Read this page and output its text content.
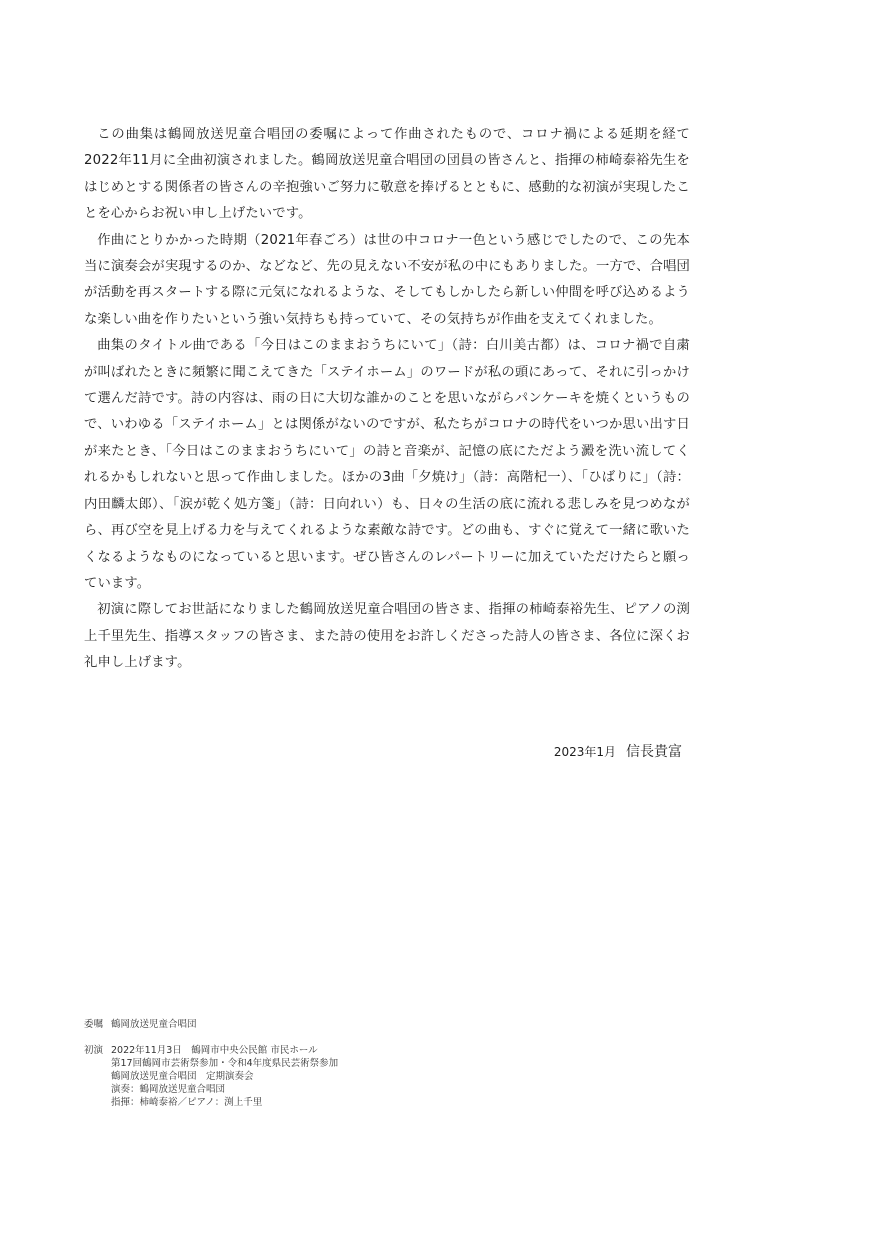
この曲集は鶴岡放送児童合唱団の委嘱によって作曲されたもので、コロナ禍による延期を経て2022年11月に全曲初演されました。鶴岡放送児童合唱団の団員の皆さんと、指揮の柿崎泰裕先生をはじめとする関係者の皆さんの辛抱強いご努力に敬意を捧げるとともに、感動的な初演が実現したことを心からお祝い申し上げたいです。

作曲にとりかかった時期（2021年春ごろ）は世の中コロナ一色という感じでしたので、この先本当に演奏会が実現するのか、などなど、先の見えない不安が私の中にもありました。一方で、合唱団が活動を再スタートする際に元気になれるような、そしてもしかしたら新しい仲間を呼び込めるような楽しい曲を作りたいという強い気持ちも持っていて、その気持ちが作曲を支えてくれました。

曲集のタイトル曲である「今日はこのままおうちにいて」（詩：白川美古都）は、コロナ禍で自粛が叫ばれたときに頻繁に聞こえてきた「ステイホーム」のワードが私の頭にあって、それに引っかけて選んだ詩です。詩の内容は、雨の日に大切な誰かのことを思いながらパンケーキを焼くというもので、いわゆる「ステイホーム」とは関係がないのですが、私たちがコロナの時代をいつか思い出す日が来たとき、「今日はこのままおうちにいて」の詩と音楽が、記憶の底にただよう澱を洗い流してくれるかもしれないと思って作曲しました。ほかの3曲「夕焼け」（詩：高階杞一）、「ひばりに」（詩：内田麟太郎）、「涙が乾く処方箋」（詩：日向れい）も、日々の生活の底に流れる悲しみを見つめながら、再び空を見上げる力を与えてくれるような素敵な詩です。どの曲も、すぐに覚えて一緒に歌いたくなるようなものになっていると思います。ぜひ皆さんのレパートリーに加えていただけたらと願っています。

初演に際してお世話になりました鶴岡放送児童合唱団の皆さま、指揮の柿崎泰裕先生、ピアノの渕上千里先生、指導スタッフの皆さま、また詩の使用をお許しくださった詩人の皆さま、各位に深くお礼申し上げます。

2023年1月 信長貴富
委嘱 鶴岡放送児童合唱団
初演 2022年11月3日　鶴岡市中央公民館 市民ホール
第17回鶴岡市芸術祭参加・令和4年度県民芸術祭参加
鶴岡放送児童合唱団　定期演奏会
演奏：鶴岡放送児童合唱団
指揮：柿崎泰裕／ピアノ：渕上千里
